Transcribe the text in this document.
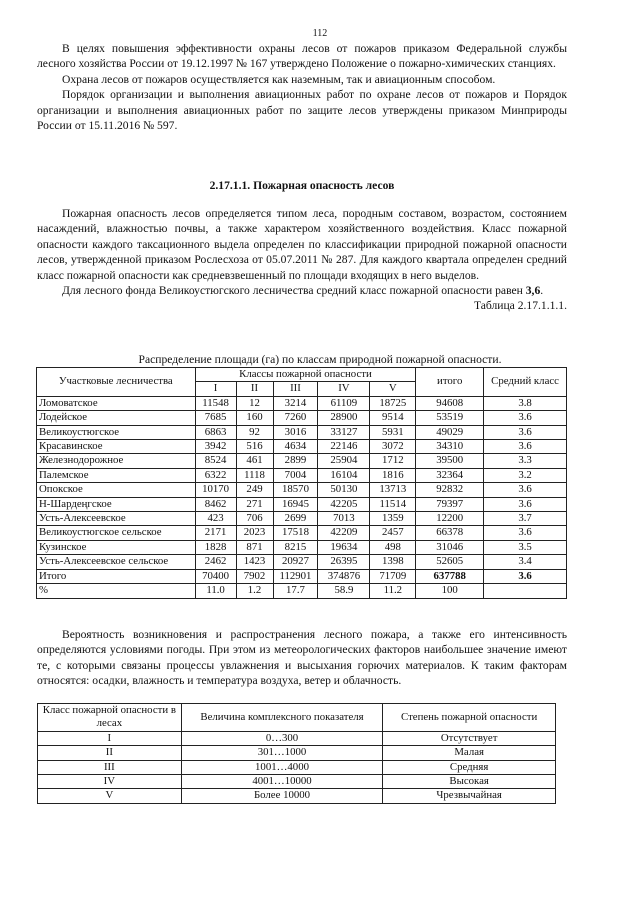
112

В целях повышения эффективности охраны лесов от пожаров приказом Федеральной службы лесного хозяйства России от 19.12.1997 № 167 утверждено Положение о пожарно-химических станциях.

Охрана лесов от пожаров осуществляется как наземным, так и авиационным способом.

Порядок организации и выполнения авиационных работ по охране лесов от пожаров и Порядок организации и выполнения авиационных работ по защите лесов утверждены приказом Минприроды России от 15.11.2016 № 597.

2.17.1.1. Пожарная опасность лесов

Пожарная опасность лесов определяется типом леса, породным составом, возрастом, состоянием насаждений, влажностью почвы, а также характером хозяйственного воздействия. Класс пожарной опасности каждого таксационного выдела определен по классификации природной пожарной опасности лесов, утвержденной приказом Рослесхоза от 05.07.2011 № 287. Для каждого квартала определен средний класс пожарной опасности как средневзвешенный по площади входящих в него выделов.

Для лесного фонда Великоустюгского лесничества средний класс пожарной опасности равен 3,6.

Таблица 2.17.1.1.1.

Распределение площади (га) по классам природной пожарной опасности.

Участковые лесничества	Классы пожарной опасности					итого	Средний класс
	I	II	III	IV	V		
Ломоватское	11548	12	3214	61109	18725	94608	3.8
Лодейское	7685	160	7260	28900	9514	53519	3.6
Великоустюгское	6863	92	3016	33127	5931	49029	3.6
Красавинское	3942	516	4634	22146	3072	34310	3.6
Железнодорожное	8524	461	2899	25904	1712	39500	3.3
Палемское	6322	1118	7004	16104	1816	32364	3.2
Опокское	10170	249	18570	50130	13713	92832	3.6
Н-Шардеңгское	8462	271	16945	42205	11514	79397	3.6
Усть-Алексеевское	423	706	2699	7013	1359	12200	3.7
Великоустюгское сельское	2171	2023	17518	42209	2457	66378	3.6
Кузинское	1828	871	8215	19634	498	31046	3.5
Усть-Алексеевское сельское	2462	1423	20927	26395	1398	52605	3.4
Итого	70400	7902	112901	374876	71709	637788	3.6
%	11.0	1.2	17.7	58.9	11.2	100	

Вероятность возникновения и распространения лесного пожара, а также его интенсивность определяются условиями погоды. При этом из метеорологических факторов наибольшее значение имеют те, с которыми связаны процессы увлажнения и высыхания горючих материалов. К таким факторам относятся: осадки, влажность и температура воздуха, ветер и облачность.

Класс пожарной опасности в лесах	Величина комплексного показателя	Степень пожарной опасности
I	0…300	Отсутствует
II	301…1000	Малая
III	1001…4000	Средняя
IV	4001…10000	Высокая
V	Более 10000	Чрезвычайная
